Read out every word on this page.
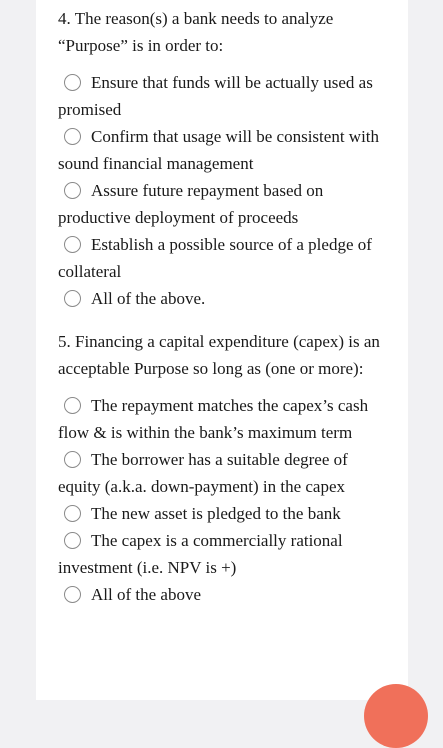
4. The reason(s) a bank needs to analyze “Purpose” is in order to:
Ensure that funds will be actually used as promised
Confirm that usage will be consistent with sound financial management
Assure future repayment based on productive deployment of proceeds
Establish a possible source of a pledge of collateral
All of the above.
5. Financing a capital expenditure (capex) is an acceptable Purpose so long as (one or more):
The repayment matches the capex’s cash flow & is within the bank’s maximum term
The borrower has a suitable degree of equity (a.k.a. down-payment) in the capex
The new asset is pledged to the bank
The capex is a commercially rational investment (i.e. NPV is +)
All of the above
